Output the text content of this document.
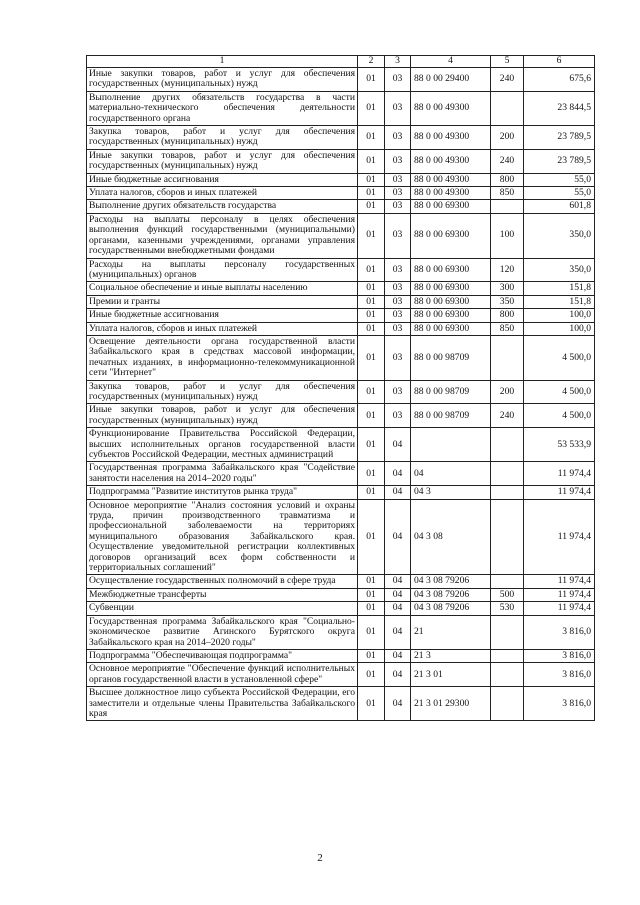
1	2	3	4	5	6
Иные закупки товаров, работ и услуг для обеспечения государственных (муниципальных) нужд	01	03	88 0 00 29400	240	675,6
Выполнение других обязательств государства в части материально-технического обеспечения деятельности государственного органа	01	03	88 0 00 49300		23 844,5
Закупка товаров, работ и услуг для обеспечения государственных (муниципальных) нужд	01	03	88 0 00 49300	200	23 789,5
Иные закупки товаров, работ и услуг для обеспечения государственных (муниципальных) нужд	01	03	88 0 00 49300	240	23 789,5
Иные бюджетные ассигнования	01	03	88 0 00 49300	800	55,0
Уплата налогов, сборов и иных платежей	01	03	88 0 00 49300	850	55,0
Выполнение других обязательств государства	01	03	88 0 00 69300		601,8
Расходы на выплаты персоналу в целях обеспечения выполнения функций государственными (муниципальными) органами, казенными учреждениями, органами управления государственными внебюджетными фондами	01	03	88 0 00 69300	100	350,0
Расходы на выплаты персоналу государственных (муниципальных) органов	01	03	88 0 00 69300	120	350,0
Социальное обеспечение и иные выплаты населению	01	03	88 0 00 69300	300	151,8
Премии и гранты	01	03	88 0 00 69300	350	151,8
Иные бюджетные ассигнования	01	03	88 0 00 69300	800	100,0
Уплата налогов, сборов и иных платежей	01	03	88 0 00 69300	850	100,0
Освещение деятельности органа государственной власти Забайкальского края в средствах массовой информации, печатных изданиях, в информационно-телекоммуникационной сети "Интернет"	01	03	88 0 00 98709		4 500,0
Закупка товаров, работ и услуг для обеспечения государственных (муниципальных) нужд	01	03	88 0 00 98709	200	4 500,0
Иные закупки товаров, работ и услуг для обеспечения государственных (муниципальных) нужд	01	03	88 0 00 98709	240	4 500,0
Функционирование Правительства Российской Федерации, высших исполнительных органов государственной власти субъектов Российской Федерации, местных администраций	01	04			53 533,9
Государственная программа Забайкальского края "Содействие занятости населения на 2014–2020 годы"	01	04	04		11 974,4
Подпрограмма "Развитие институтов рынка труда"	01	04	04 3		11 974,4
Основное мероприятие "Анализ состояния условий и охраны труда, причин производственного травматизма и профессиональной заболеваемости на территориях муниципального образования Забайкальского края. Осуществление уведомительной регистрации коллективных договоров организаций всех форм собственности и территориальных соглашений"	01	04	04 3 08		11 974,4
Осуществление государственных полномочий в сфере труда	01	04	04 3 08 79206		11 974,4
Межбюджетные трансферты	01	04	04 3 08 79206	500	11 974,4
Субвенции	01	04	04 3 08 79206	530	11 974,4
Государственная программа Забайкальского края "Социально-экономическое развитие Агинского Бурятского округа Забайкальского края на 2014–2020 годы"	01	04	21		3 816,0
Подпрограмма "Обеспечивающая подпрограмма"	01	04	21 3		3 816,0
Основное мероприятие "Обеспечение функций исполнительных органов государственной власти в установленной сфере"	01	04	21 3 01		3 816,0
Высшее должностное лицо субъекта Российской Федерации, его заместители и отдельные члены Правительства Забайкальского края	01	04	21 3 01 29300		3 816,0
2
